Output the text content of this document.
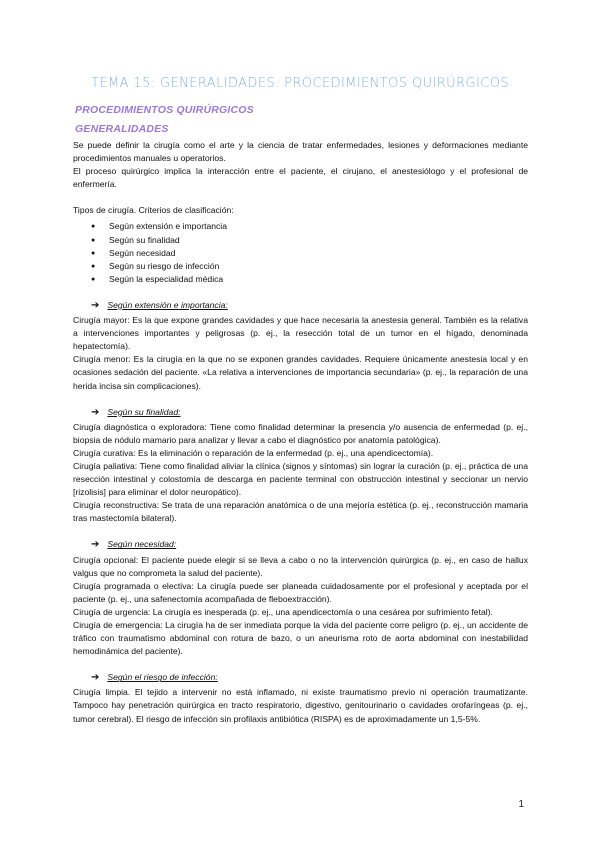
TEMA 15: GENERALIDADES. PROCEDIMIENTOS QUIRÚRGICOS
PROCEDIMIENTOS QUIRÚRGICOS
GENERALIDADES

Se puede definir la cirugía como el arte y la ciencia de tratar enfermedades, lesiones y deformaciones mediante procedimientos manuales u operatorios.

El proceso quirúrgico implica la interacción entre el paciente, el cirujano, el anestesiólogo y el profesional de enfermería.

Tipos de cirugía. Criterios de clasificación:

● Según extensión e importancia
● Según su finalidad
● Según necesidad
● Según su riesgo de infección
● Según la especialidad médica
➔ Según extensión e importancia:

Cirugía mayor: Es la que expone grandes cavidades y que hace necesaria la anestesia general. También es la relativa a intervenciones importantes y peligrosas (p. ej., la resección total de un tumor en el hígado, denominada hepatectomía).

Cirugía menor: Es la cirugía en la que no se exponen grandes cavidades. Requiere únicamente anestesia local y en ocasiones sedación del paciente. «La relativa a intervenciones de importancia secundaria» (p. ej., la reparación de una herida incisa sin complicaciones).

➔ Según su finalidad:

Cirugía diagnóstica o exploradora: Tiene como finalidad determinar la presencia y/o ausencia de enfermedad (p. ej., biopsia de nódulo mamario para analizar y llevar a cabo el diagnóstico por anatomía patológica).

Cirugía curativa: Es la eliminación o reparación de la enfermedad (p. ej., una apendicectomía).

Cirugía paliativa: Tiene como finalidad aliviar la clínica (signos y síntomas) sin lograr la curación (p. ej., práctica de una resección intestinal y colostomía de descarga en paciente terminal con obstrucción intestinal y seccionar un nervio [rizolisis] para eliminar el dolor neuropático).

Cirugía reconstructiva: Se trata de una reparación anatómica o de una mejoría estética (p. ej., reconstrucción mamaria tras mastectomía bilateral).

➔ Según necesidad:

Cirugía opcional: El paciente puede elegir si se lleva a cabo o no la intervención quirúrgica (p. ej., en caso de hallux valgus que no comprometa la salud del paciente).

Cirugía programada o electiva: La cirugía puede ser planeada cuidadosamente por el profesional y aceptada por el paciente (p. ej., una safenectomía acompañada de fleboextracción).

Cirugía de urgencia: La cirugía es inesperada (p. ej., una apendicectomía o una cesárea por sufrimiento fetal).

Cirugía de emergencia: La cirugía ha de ser inmediata porque la vida del paciente corre peligro (p. ej., un accidente de tráfico con traumatismo abdominal con rotura de bazo, o un aneurisma roto de aorta abdominal con inestabilidad hemodinámica del paciente).

➔ Según el riesgo de infección:

Cirugía limpia. El tejido a intervenir no está inflamado, ni existe traumatismo previo ni operación traumatizante. Tampoco hay penetración quirúrgica en tracto respiratorio, digestivo, genitourinario o cavidades orofaríngeas (p. ej., tumor cerebral). El riesgo de infección sin profilaxis antibiótica (RISPA) es de aproximadamente un 1,5-5%.

1
